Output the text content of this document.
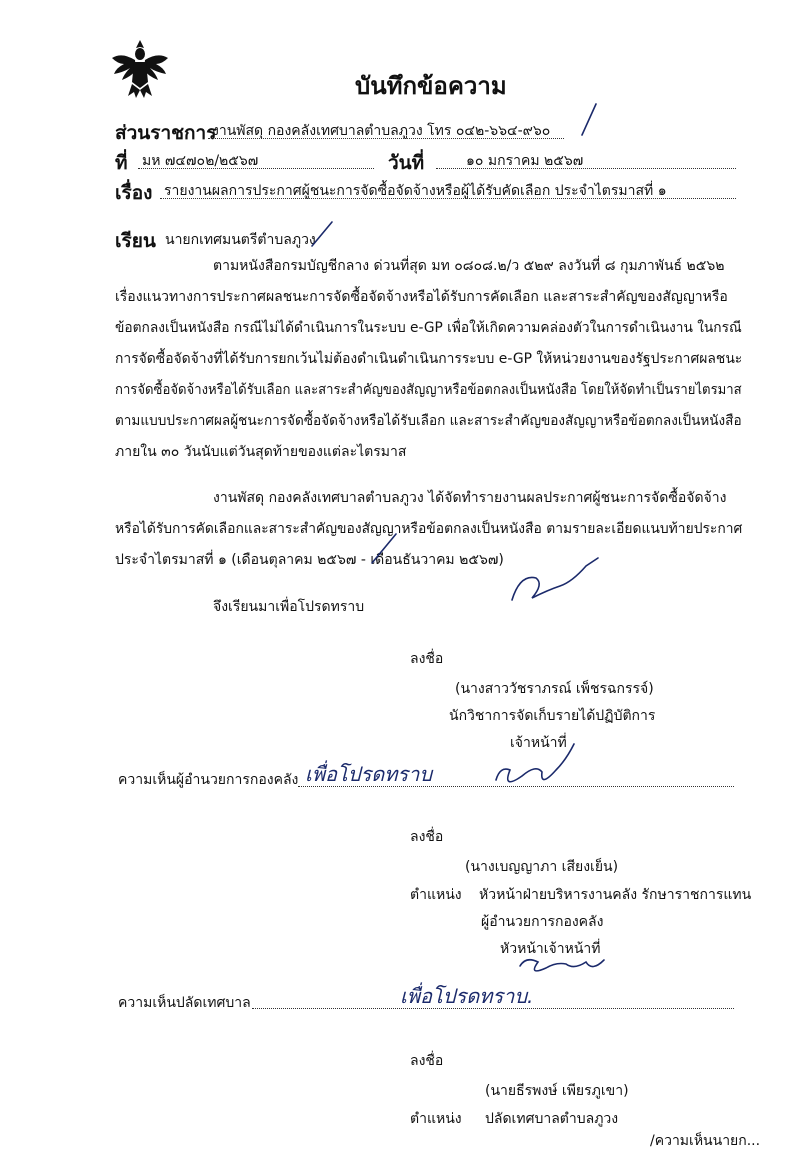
บันทึกข้อความ
ส่วนราชการ
งานพัสดุ กองคลังเทศบาลตำบลภูวง โทร ๐๔๒-๖๖๔-๙๖๐
ที่ มห ๗๔๗๐๒/๒๕๖๗	วันที่	๑๐ มกราคม ๒๕๖๗
เรื่อง รายงานผลการประกาศผู้ชนะการจัดซื้อจัดจ้างหรือผู้ได้รับคัดเลือก ประจำไตรมาสที่ ๑
เรียน นายกเทศมนตรีตำบลภูวง
ตามหนังสือกรมบัญชีกลาง ด่วนที่สุด มท ๐๘๐๘.๒/ว ๕๒๙ ลงวันที่ ๘ กุมภาพันธ์ ๒๕๖๒
เรื่องแนวทางการประกาศผลชนะการจัดซื้อจัดจ้างหรือได้รับการคัดเลือก และสาระสำคัญของสัญญาหรือ
ข้อตกลงเป็นหนังสือ กรณีไม่ได้ดำเนินการในระบบ e-GP เพื่อให้เกิดความคล่องตัวในการดำเนินงาน ในกรณี
การจัดซื้อจัดจ้างที่ได้รับการยกเว้นไม่ต้องดำเนินดำเนินการระบบ e-GP ให้หน่วยงานของรัฐประกาศผลชนะ
การจัดซื้อจัดจ้างหรือได้รับเลือก และสาระสำคัญของสัญญาหรือข้อตกลงเป็นหนังสือ โดยให้จัดทำเป็นรายไตรมาส
ตามแบบประกาศผลผู้ชนะการจัดซื้อจัดจ้างหรือได้รับเลือก และสาระสำคัญของสัญญาหรือข้อตกลงเป็นหนังสือ
ภายใน ๓๐ วันนับแต่วันสุดท้ายของแต่ละไตรมาส
งานพัสดุ กองคลังเทศบาลตำบลภูวง ได้จัดทำรายงานผลประกาศผู้ชนะการจัดซื้อจัดจ้าง
หรือได้รับการคัดเลือกและสาระสำคัญของสัญญาหรือข้อตกลงเป็นหนังสือ ตามรายละเอียดแนบท้ายประกาศ
ประจำไตรมาสที่ ๑ (เดือนตุลาคม ๒๕๖๗ - เดือนธันวาคม ๒๕๖๗)
จึงเรียนมาเพื่อโปรดทราบ
ลงชื่อ
(นางสาววัชราภรณ์ เพ็ชรฉกรรจ์)
นักวิชาการจัดเก็บรายได้ปฏิบัติการ
เจ้าหน้าที่
ความเห็นผู้อำนวยการกองคลัง เพื่อโปรดทราบ
ลงชื่อ
(นางเบญญาภา เสียงเย็น)
ตำแหน่ง หัวหน้าฝ่ายบริหารงานคลัง รักษาราชการแทน
ผู้อำนวยการกองคลัง
หัวหน้าเจ้าหน้าที่
ความเห็นปลัดเทศบาล	เพื่อโปรดทราบ.
ลงชื่อ
(นายธีรพงษ์ เพียรภูเขา)
ตำแหน่ง ปลัดเทศบาลตำบลภูวง
/ความเห็นนายก...
